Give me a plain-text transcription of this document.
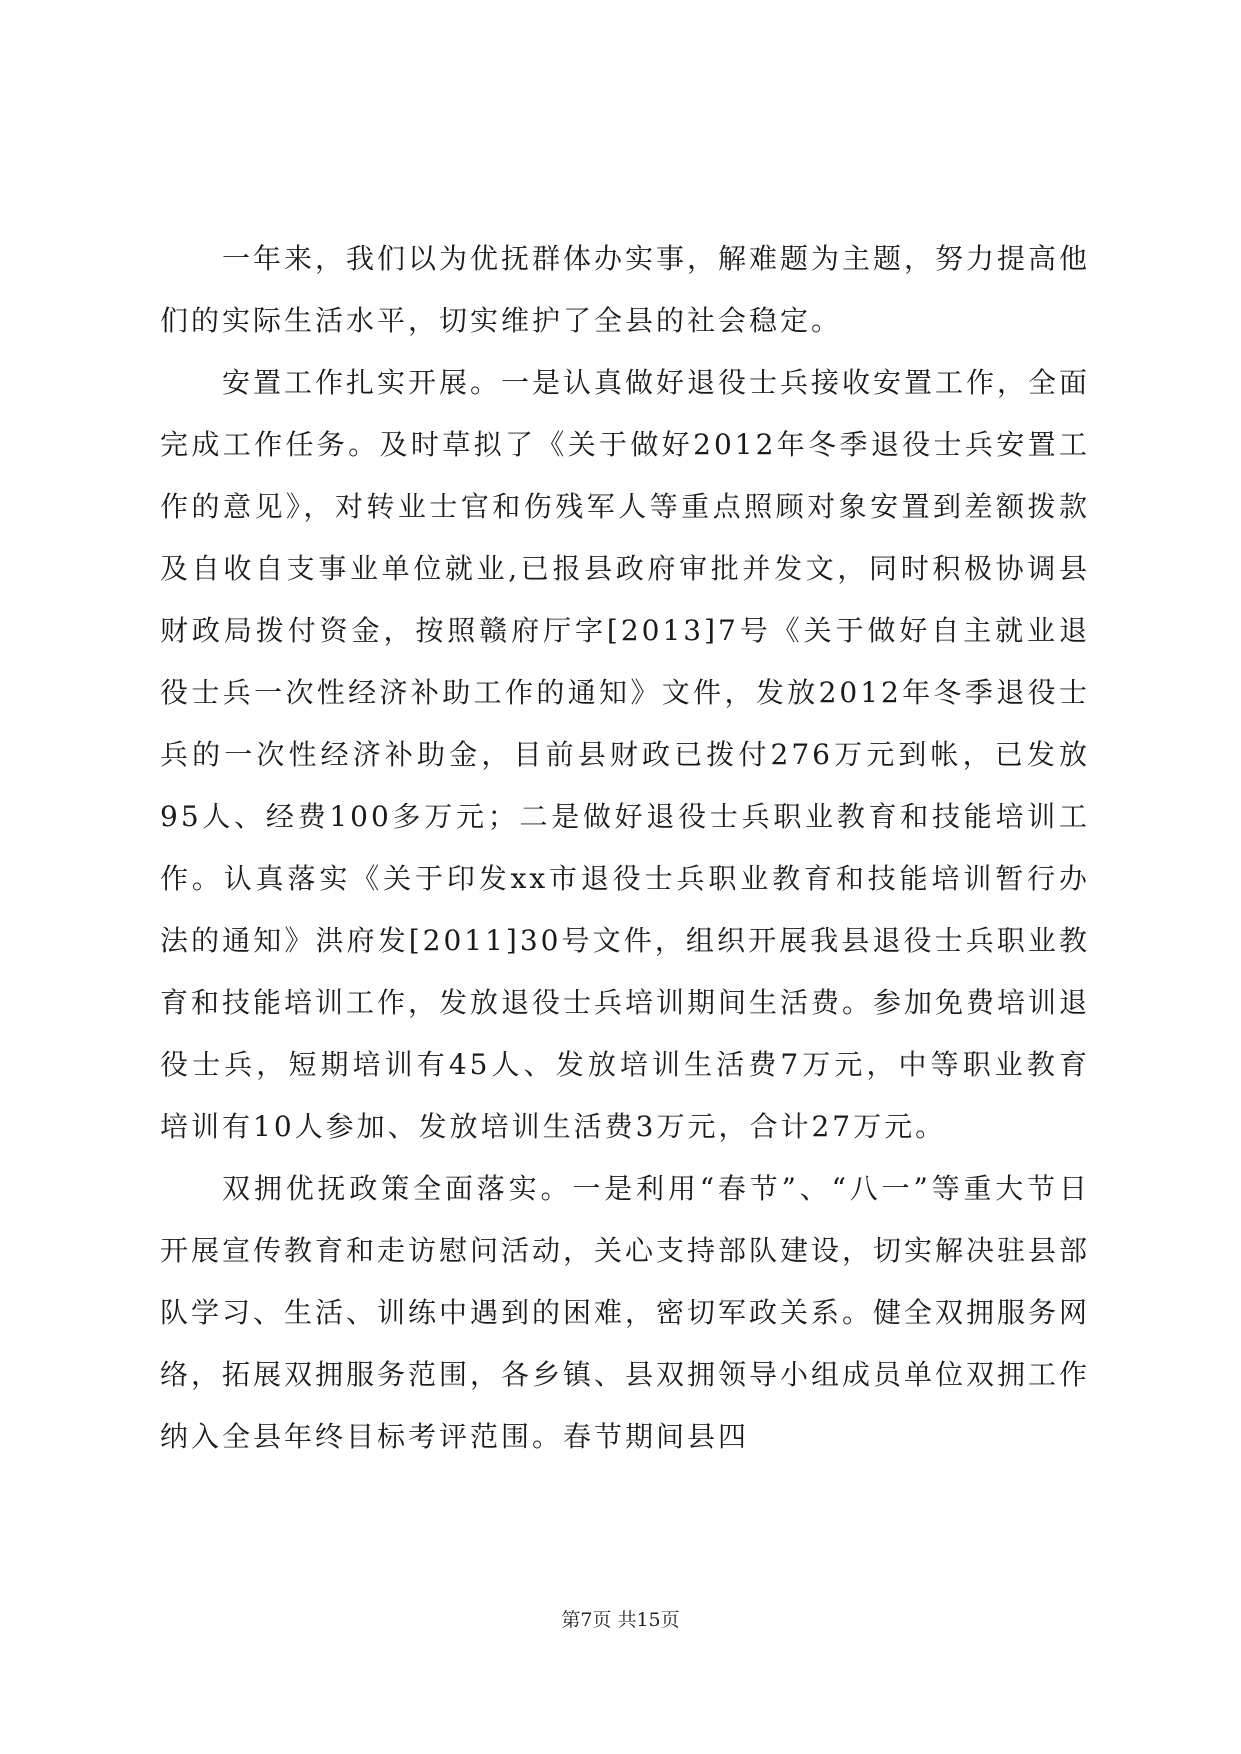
一年来，我们以为优抚群体办实事，解难题为主题，努力提高他们的实际生活水平，切实维护了全县的社会稳定。

安置工作扎实开展。一是认真做好退役士兵接收安置工作，全面完成工作任务。及时草拟了《关于做好2012年冬季退役士兵安置工作的意见》，对转业士官和伤残军人等重点照顾对象安置到差额拨款及自收自支事业单位就业,已报县政府审批并发文，同时积极协调县财政局拨付资金，按照赣府厅字[2013]7号《关于做好自主就业退役士兵一次性经济补助工作的通知》文件，发放2012年冬季退役士兵的一次性经济补助金，目前县财政已拨付276万元到帐，已发放95人、经费100多万元；二是做好退役士兵职业教育和技能培训工作。认真落实《关于印发xx市退役士兵职业教育和技能培训暂行办法的通知》洪府发[2011]30号文件，组织开展我县退役士兵职业教育和技能培训工作，发放退役士兵培训期间生活费。参加免费培训退役士兵，短期培训有45人、发放培训生活费7万元，中等职业教育培训有10人参加、发放培训生活费3万元，合计27万元。

双拥优抚政策全面落实。一是利用“春节”、“八一”等重大节日开展宣传教育和走访慰问活动，关心支持部队建设，切实解决驻县部队学习、生活、训练中遇到的困难，密切军政关系。健全双拥服务网络，拓展双拥服务范围，各乡镇、县双拥领导小组成员单位双拥工作纳入全县年终目标考评范围。春节期间县四

第7页 共15页
